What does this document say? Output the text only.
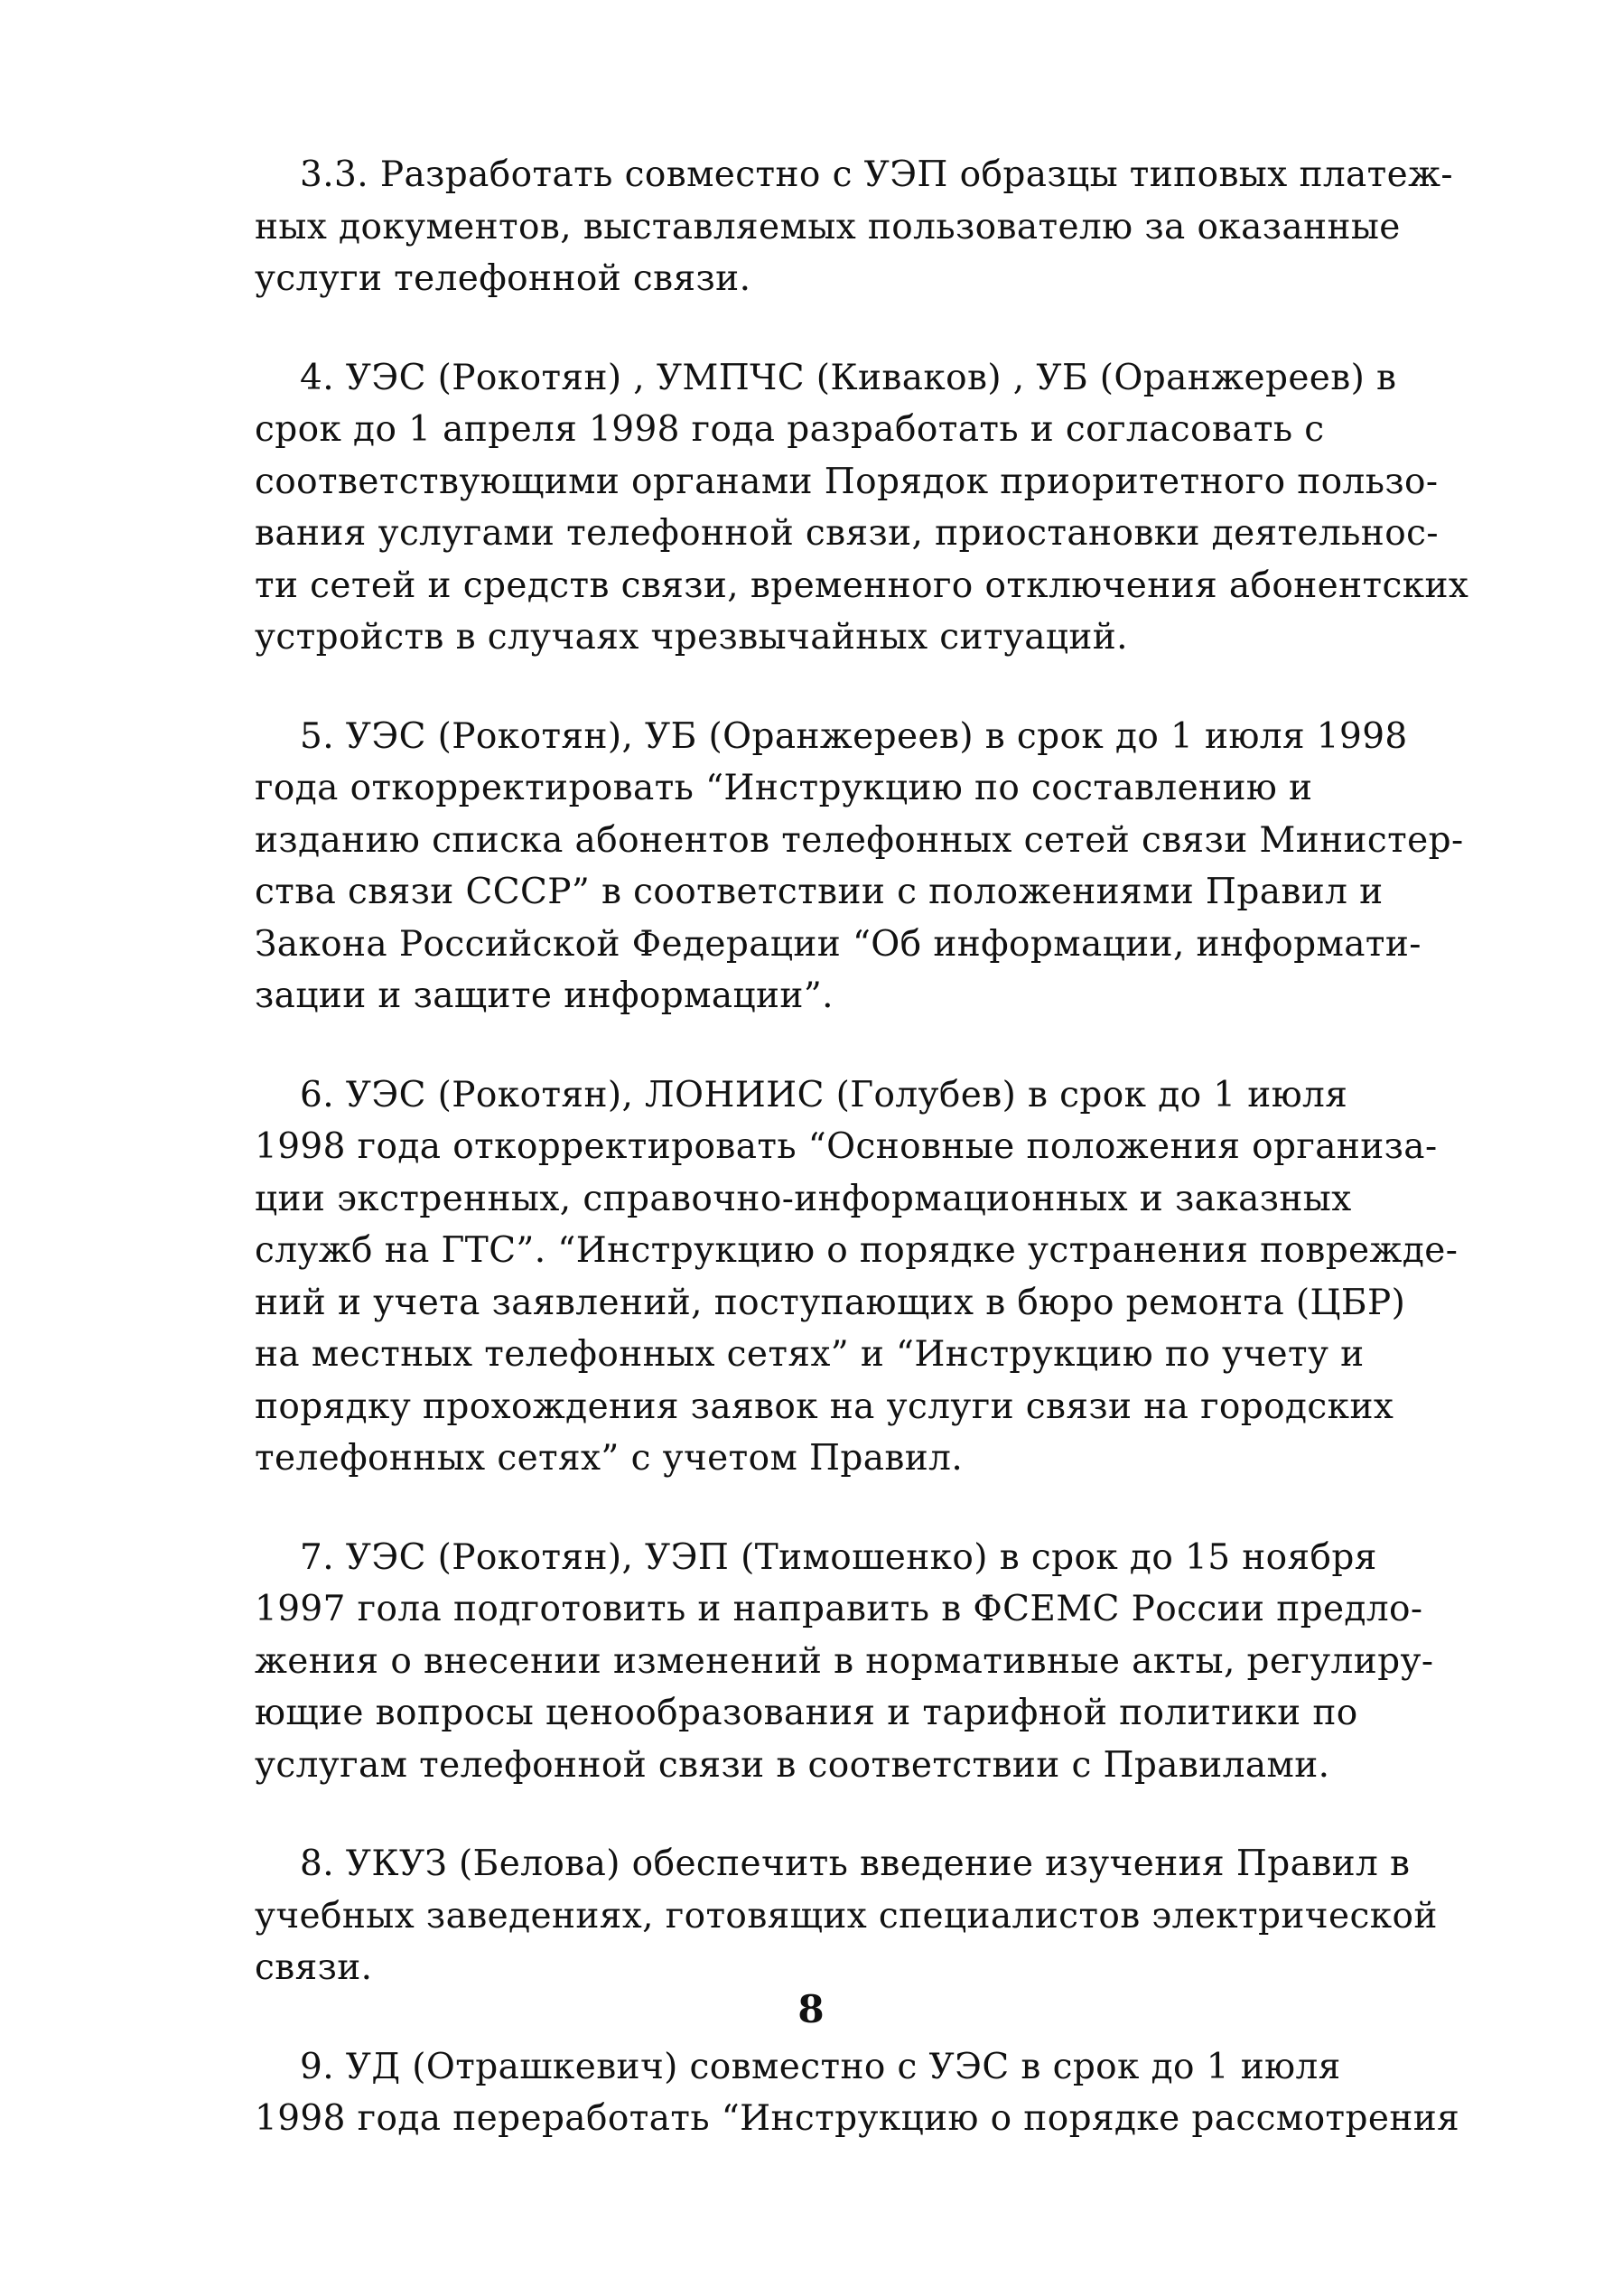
3.3. Разработать совместно с УЭП образцы типовых платеж-
ных документов, выставляемых пользователю за оказанные
услуги телефонной связи.

4. УЭС (Рокотян) , УМПЧС (Киваков) , УБ (Оранжереев) в
срок до 1 апреля 1998 года разработать и согласовать с
соответствующими органами Порядок приоритетного пользо-
вания услугами телефонной связи, приостановки деятельнос-
ти сетей и средств связи, временного отключения абонентских
устройств в случаях чрезвычайных ситуаций.

5. УЭС (Рокотян), УБ (Оранжереев) в срок до 1 июля 1998
года откорректировать “Инструкцию по составлению и
изданию списка абонентов телефонных сетей связи Министер-
ства связи СССР” в соответствии с положениями Правил и
Закона Российской Федерации “Об информации, информати-
зации и защите информации”.

6. УЭС (Рокотян), ЛОНИИС (Голубев) в срок до 1 июля
1998 года откорректировать “Основные положения организа-
ции экстренных, справочно-информационных и заказных
служб на ГТС”. “Инструкцию о порядке устранения поврежде-
ний и учета заявлений, поступающих в бюро ремонта (ЦБР)
на местных телефонных сетях” и “Инструкцию по учету и
порядку прохождения заявок на услуги связи на городских
телефонных сетях” с учетом Правил.

7. УЭС (Рокотян), УЭП (Тимошенко) в срок до 15 ноября
1997 гола подготовить и направить в ФСЕМС России предло-
жения о внесении изменений в нормативные акты, регулиру-
ющие вопросы ценообразования и тарифной политики по
услугам телефонной связи в соответствии с Правилами.

8. УКУЗ (Белова) обеспечить введение изучения Правил в
учебных заведениях, готовящих специалистов электрической
связи.

9. УД (Отрашкевич) совместно с УЭС в срок до 1 июля
1998 года переработать “Инструкцию о порядке рассмотрения

8
